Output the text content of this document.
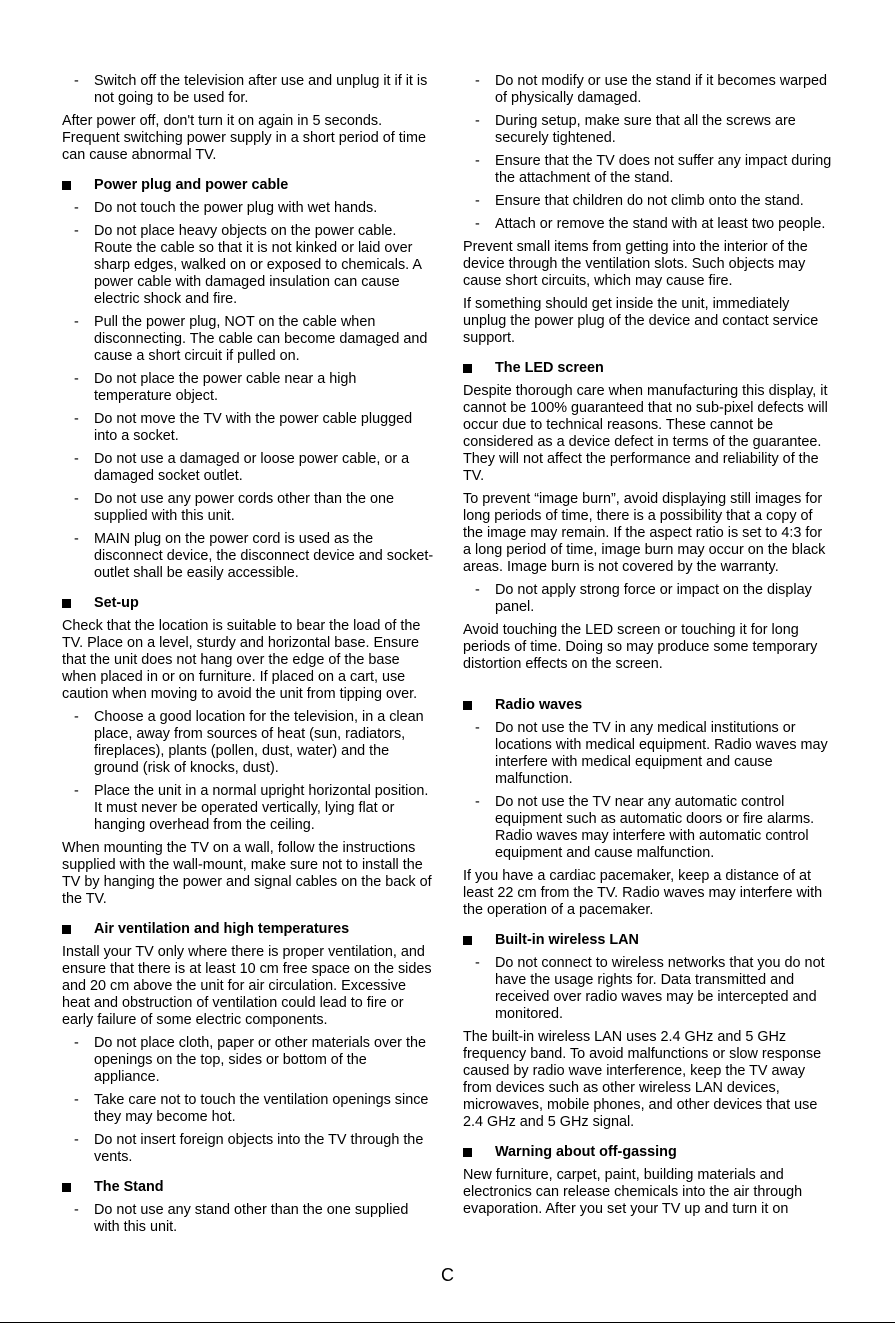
-	Switch off the television after use and unplug it if it is not going to be used for.

After power off, don't turn it on again in 5 seconds. Frequent switching power supply in a short period of time can cause abnormal TV.

Power plug and power cable
-	Do not touch the power plug with wet hands.
-	Do not place heavy objects on the power cable. Route the cable so that it is not kinked or laid over sharp edges, walked on or exposed to chemicals. A power cable with damaged insulation can cause electric shock and fire.
-	Pull the power plug, NOT on the cable when disconnecting. The cable can become damaged and cause a short circuit if pulled on.
-	Do not place the power cable near a high temperature object.
-	Do not move the TV with the power cable plugged into a socket.
-	Do not use a damaged or loose power cable, or a damaged socket outlet.
-	Do not use any power cords other than the one supplied with this unit.
-	MAIN plug on the power cord is used as the disconnect device, the disconnect device and socket-outlet shall be easily accessible.
Set-up

Check that the location is suitable to bear the load of the TV. Place on a level, sturdy and horizontal base. Ensure that the unit does not hang over the edge of the base when placed in or on furniture. If placed on a cart, use caution when moving to avoid the unit from tipping over.

-	Choose a good location for the television, in a clean place, away from sources of heat (sun, radiators, fireplaces), plants (pollen, dust, water) and the ground (risk of knocks, dust).
-	Place the unit in a normal upright horizontal position. It must never be operated vertically, lying flat or hanging overhead from the ceiling.

When mounting the TV on a wall, follow the instructions supplied with the wall-mount, make sure not to install the TV by hanging the power and signal cables on the back of the TV.

Air ventilation and high temperatures

Install your TV only where there is proper ventilation, and ensure that there is at least 10 cm free space on the sides and 20 cm above the unit for air circulation. Excessive heat and obstruction of ventilation could lead to fire or early failure of some electric components.

-	Do not place cloth, paper or other materials over the openings on the top, sides or bottom of the appliance.
-	Take care not to touch the ventilation openings since they may become hot.
-	Do not insert foreign objects into the TV through the vents.
The Stand
-	Do not use any stand other than the one supplied with this unit.
-	Do not modify or use the stand if it becomes warped of physically damaged.
-	During setup, make sure that all the screws are securely tightened.
-	Ensure that the TV does not suffer any impact during the attachment of the stand.
-	Ensure that children do not climb onto the stand.
-	Attach or remove the stand with at least two people.

Prevent small items from getting into the interior of the device through the ventilation slots. Such objects may cause short circuits, which may cause fire.

If something should get inside the unit, immediately unplug the power plug of the device and contact service support.

The LED screen

Despite thorough care when manufacturing this display, it cannot be 100% guaranteed that no sub-pixel defects will occur due to technical reasons. These cannot be considered as a device defect in terms of the guarantee. They will not affect the performance and reliability of the TV.

To prevent “image burn”, avoid displaying still images for long periods of time, there is a possibility that a copy of the image may remain. If the aspect ratio is set to 4:3 for a long period of time, image burn may occur on the black areas. Image burn is not covered by the warranty.

-	Do not apply strong force or impact on the display panel.

Avoid touching the LED screen or touching it for long periods of time. Doing so may produce some temporary distortion effects on the screen.

Radio waves
-	Do not use the TV in any medical institutions or locations with medical equipment. Radio waves may interfere with medical equipment and cause malfunction.
-	Do not use the TV near any automatic control equipment such as automatic doors or fire alarms. Radio waves may interfere with automatic control equipment and cause malfunction.

If you have a cardiac pacemaker, keep a distance of at least 22 cm from the TV. Radio waves may interfere with the operation of a pacemaker.

Built-in wireless LAN
-	Do not connect to wireless networks that you do not have the usage rights for. Data transmitted and received over radio waves may be intercepted and monitored.

The built-in wireless LAN uses 2.4 GHz and 5 GHz frequency band. To avoid malfunctions or slow response caused by radio wave interference, keep the TV away from devices such as other wireless LAN devices, microwaves, mobile phones, and other devices that use 2.4 GHz and 5 GHz signal.

Warning about off-gassing

New furniture, carpet, paint, building materials and electronics can release chemicals into the air through evaporation. After you set your TV up and turn it on

C
